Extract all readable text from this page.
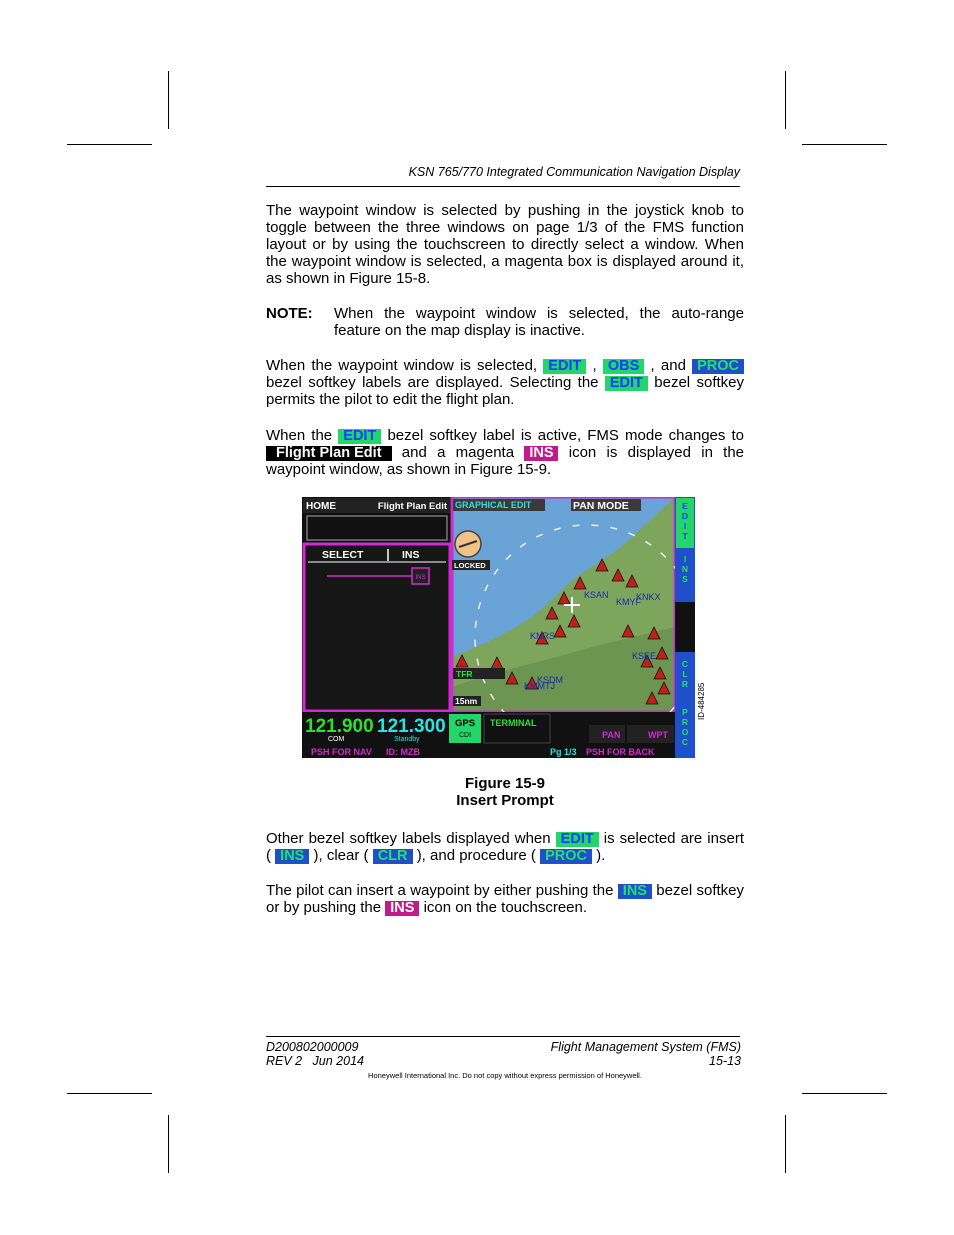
KSN 765/770 Integrated Communication Navigation Display
The waypoint window is selected by pushing in the joystick knob to
toggle between the three windows on page 1/3 of the FMS function
layout or by using the touchscreen to directly select a window. When
the waypoint window is selected, a magenta box is displayed around it,
as shown in Figure 15-8.
NOTE: When the waypoint window is selected, the auto-range
feature on the map display is inactive.
When the waypoint window is selected, EDIT , OBS , and PROC
bezel softkey labels are displayed. Selecting the EDIT bezel softkey
permits the pilot to edit the flight plan.
When the EDIT bezel softkey label is active, FMS mode changes to
Flight Plan Edit and a magenta INS icon is displayed in the
waypoint window, as shown in Figure 15-9.
HOME	Flight Plan Edit
SELECT	INS
INS
GRAPHICAL EDIT	PAN MODE
LOCKED
KNRS
KNKX
KMYF
KSAN
KSDM
KMMTJ
KSEE
TFR
15nm
E D I T
I N S
C L R
P R O C
121.900
COM
121.300
Standby
GPS
CDI
TERMINAL
PAN	WPT
PSH FOR NAV ID: MZB	Pg 1/3 PSH FOR BACK
ID-484285
Figure 15-9
Insert Prompt
Other bezel softkey labels displayed when EDIT is selected are insert
( INS ), clear ( CLR ), and procedure ( PROC ).
The pilot can insert a waypoint by either pushing the INS bezel softkey
or by pushing the INS icon on the touchscreen.
D200802000009
REV 2   Jun 2014
Flight Management System (FMS)
15-13
Honeywell International Inc. Do not copy without express permission of Honeywell.
